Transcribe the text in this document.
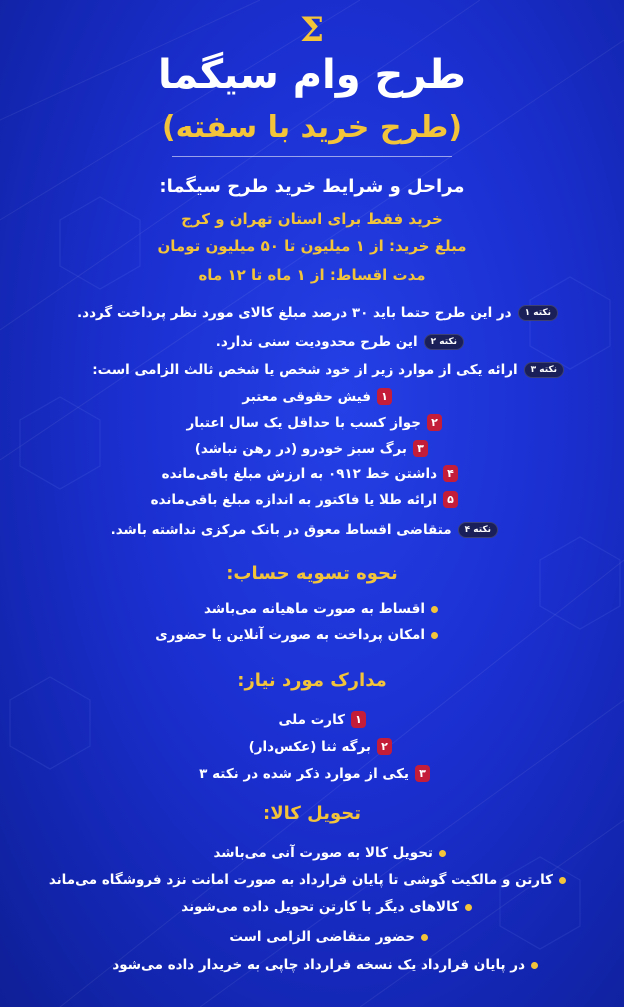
Σ
طرح وام سیگما
(طرح خرید با سفته)
مراحل و شرایط خرید طرح سیگما:
خرید فقط برای استان تهران و کرج
مبلغ خرید: از ۱ میلیون تا ۵۰ میلیون تومان
مدت اقساط: از ۱ ماه تا ۱۲ ماه
نکته ۱
در این طرح حتما باید ۳۰ درصد مبلغ کالای مورد نظر پرداخت گردد.
نکته ۲
این طرح محدودیت سنی ندارد.
نکته ۳
ارائه یکی از موارد زیر از خود شخص یا شخص ثالث الزامی است:
۱
فیش حقوقی معتبر
۲
جواز کسب با حداقل یک سال اعتبار
۳
برگ سبز خودرو (در رهن نباشد)
۴
داشتن خط ۰۹۱۲ به ارزش مبلغ باقی‌مانده
۵
ارائه طلا یا فاکتور به اندازه مبلغ باقی‌مانده
نکته ۴
متقاضی اقساط معوق در بانک مرکزی نداشته باشد.
نحوه تسویه حساب:
اقساط به صورت ماهیانه می‌باشد
امکان پرداخت به صورت آنلاین یا حضوری
مدارک مورد نیاز:
۱
کارت ملی
۲
برگه ثنا (عکس‌دار)
۳
یکی از موارد ذکر شده در نکته ۳
تحویل کالا:
تحویل کالا به صورت آنی می‌باشد
کارتن و مالکیت گوشی تا پایان قرارداد به صورت امانت نزد فروشگاه می‌ماند
کالاهای دیگر با کارتن تحویل داده می‌شوند
حضور متقاضی الزامی است
در پایان قرارداد یک نسخه قرارداد چاپی به خریدار داده می‌شود
